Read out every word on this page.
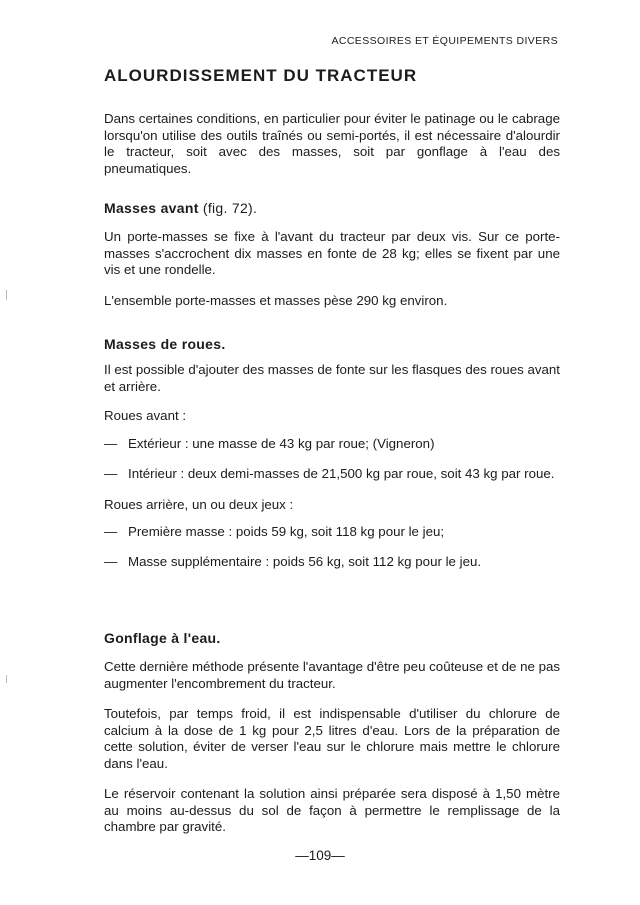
ACCESSOIRES ET ÉQUIPEMENTS DIVERS
ALOURDISSEMENT DU TRACTEUR

Dans certaines conditions, en particulier pour éviter le patinage ou le cabrage lorsqu'on utilise des outils traînés ou semi-portés, il est nécessaire d'alourdir le tracteur, soit avec des masses, soit par gonflage à l'eau des pneumatiques.

Masses avant (fig. 72).

Un porte-masses se fixe à l'avant du tracteur par deux vis. Sur ce porte-masses s'accrochent dix masses en fonte de 28 kg; elles se fixent par une vis et une rondelle.

L'ensemble porte-masses et masses pèse 290 kg environ.

Masses de roues.

Il est possible d'ajouter des masses de fonte sur les flasques des roues avant et arrière.

Roues avant :

— Extérieur : une masse de 43 kg par roue; (Vigneron)
— Intérieur : deux demi-masses de 21,500 kg par roue, soit 43 kg par roue.

Roues arrière, un ou deux jeux :

— Première masse : poids 59 kg, soit 118 kg pour le jeu;
— Masse supplémentaire : poids 56 kg, soit 112 kg pour le jeu.
Gonflage à l'eau.

Cette dernière méthode présente l'avantage d'être peu coûteuse et de ne pas augmenter l'encombrement du tracteur.

Toutefois, par temps froid, il est indispensable d'utiliser du chlorure de calcium à la dose de 1 kg pour 2,5 litres d'eau. Lors de la préparation de cette solution, éviter de verser l'eau sur le chlorure mais mettre le chlorure dans l'eau.

Le réservoir contenant la solution ainsi préparée sera disposé à 1,50 mètre au moins au-dessus du sol de façon à permettre le remplissage de la chambre par gravité.

—109—
